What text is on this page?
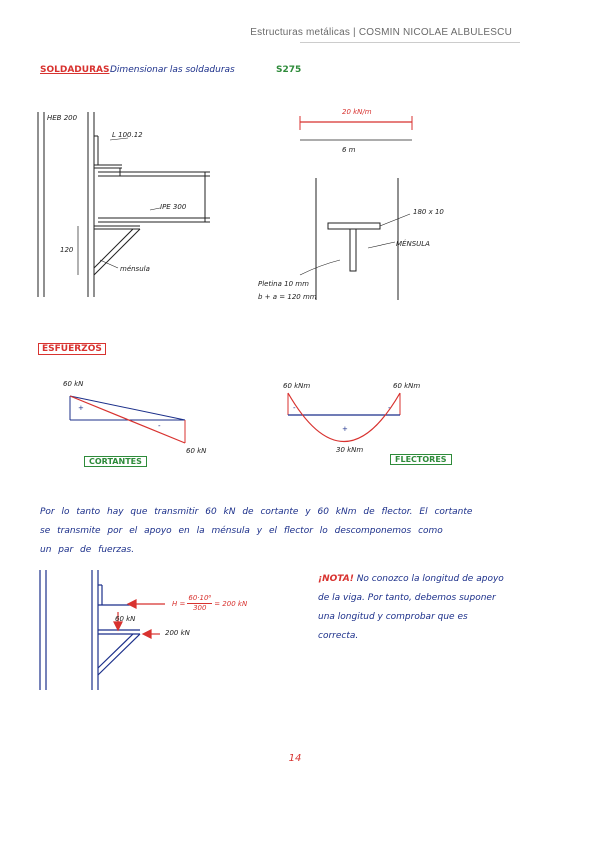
Estructuras metálicas | COSMIN NICOLAE ALBULESCU
SOLDADURAS Dimensionar las soldaduras	S275
HEB 200
L 100.12
IPE 300
120
ménsula
20 kN/m
6 m
180 x 10
MÉNSULA
Pletina 10 mm
b + a = 120 mm
ESFUERZOS
60 kN
+
-
60 kN
CORTANTES
60 kNm	60 kNm
-	-
+
30 kNm
FLECTORES
Por lo tanto hay que transmitir 60 kN de cortante y 60 kNm de flector. El cortante
se transmite por el apoyo en la ménsula y el flector lo descomponemos como
un par de fuerzas.
$H = \frac{\text{60·10⁶}}{300} = 200$ kN
60 kN
200 kN
¡NOTA! No conozco la longitud de apoyo
de la viga. Por tanto, debemos suponer
una longitud y comprobar que es
correcta.
14
